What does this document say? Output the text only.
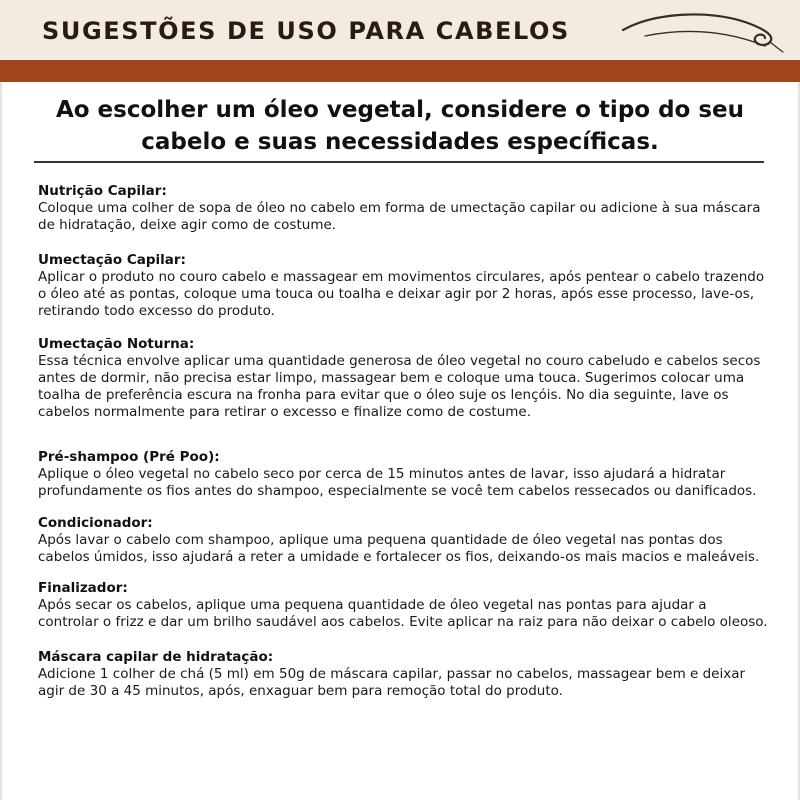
SUGESTÕES DE USO PARA CABELOS

Ao escolher um óleo vegetal, considere o tipo do seu cabelo e suas necessidades específicas.

Nutrição Capilar:

Coloque uma colher de sopa de óleo no cabelo em forma de umectação capilar ou adicione à sua máscara de hidratação, deixe agir como de costume.

Umectação Capilar:

Aplicar o produto no couro cabelo e massagear em movimentos circulares, após pentear o cabelo trazendo o óleo até as pontas, coloque uma touca ou toalha e deixar agir por 2 horas, após esse processo, lave-os, retirando todo excesso do produto.

Umectação Noturna:

Essa técnica envolve aplicar uma quantidade generosa de óleo vegetal no couro cabeludo e cabelos secos antes de dormir, não precisa estar limpo, massagear bem e coloque uma touca. Sugerimos colocar uma toalha de preferência escura na fronha para evitar que o óleo suje os lençóis. No dia seguinte, lave os cabelos normalmente para retirar o excesso e finalize como de costume.

Pré-shampoo (Pré Poo):

Aplique o óleo vegetal no cabelo seco por cerca de 15 minutos antes de lavar, isso ajudará a hidratar profundamente os fios antes do shampoo, especialmente se você tem cabelos ressecados ou danificados.

Condicionador:

Após lavar o cabelo com shampoo, aplique uma pequena quantidade de óleo vegetal nas pontas dos cabelos úmidos, isso ajudará a reter a umidade e fortalecer os fios, deixando-os mais macios e maleáveis.

Finalizador:

Após secar os cabelos, aplique uma pequena quantidade de óleo vegetal nas pontas para ajudar a controlar o frizz e dar um brilho saudável aos cabelos. Evite aplicar na raiz para não deixar o cabelo oleoso.

Máscara capilar de hidratação:

Adicione 1 colher de chá (5 ml) em 50g de máscara capilar, passar no cabelos, massagear bem e deixar agir de 30 a 45 minutos, após, enxaguar bem para remoção total do produto.
